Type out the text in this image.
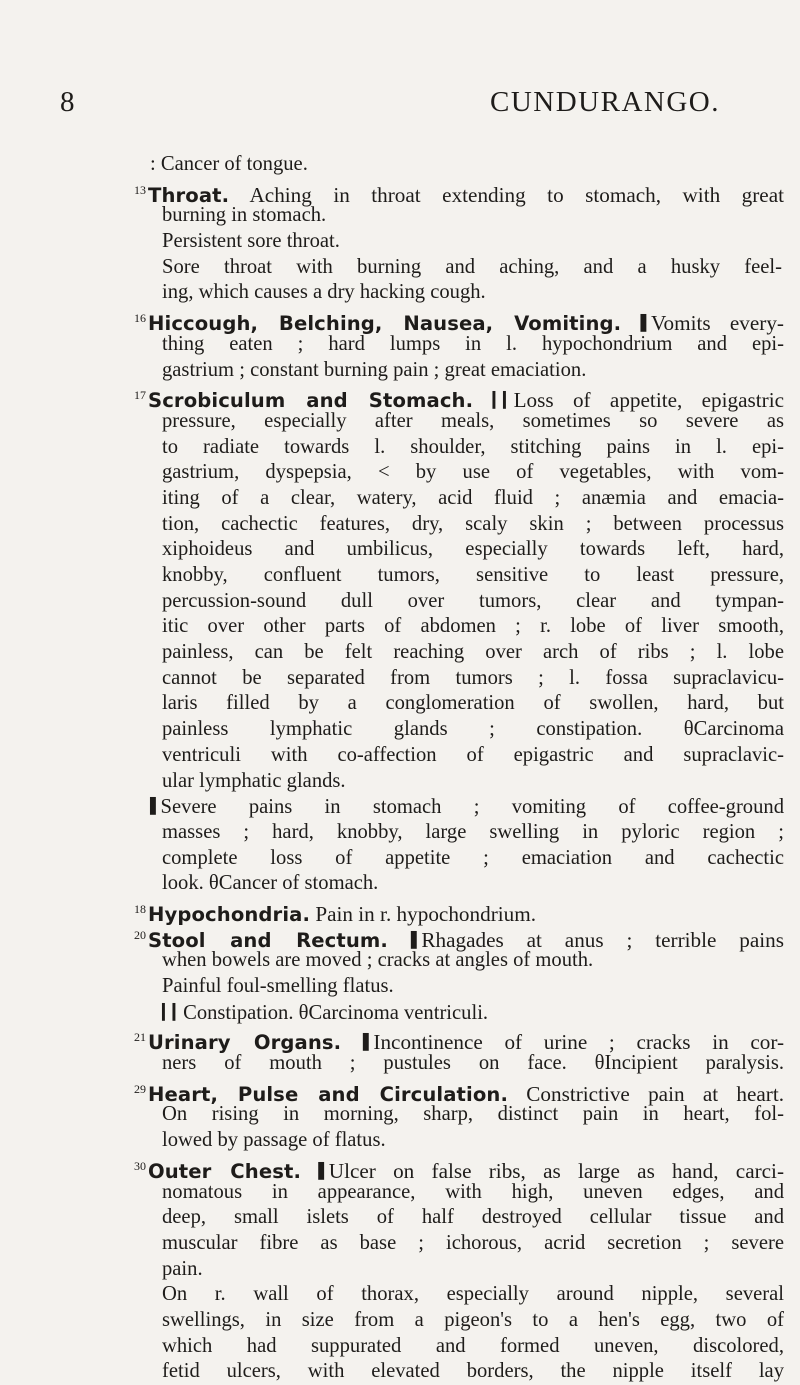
8	CUNDURANGO.
: Cancer of tongue.
$^{13}$ Throat. Aching in throat extending to stomach, with great
burning in stomach.
Persistent sore throat.
Sore throat with burning and aching, and a husky feel-
ing, which causes a dry hacking cough.
$^{16}$ Hiccough, Belching, Nausea, Vomiting. ▌Vomits every-
thing eaten ; hard lumps in l. hypochondrium and epi-
gastrium ; constant burning pain ; great emaciation.
$^{17}$ Scrobiculum and Stomach. ▎▎Loss of appetite, epigastric
pressure, especially after meals, sometimes so severe as
to radiate towards l. shoulder, stitching pains in l. epi-
gastrium, dyspepsia, < by use of vegetables, with vom-
iting of a clear, watery, acid fluid ; anæmia and emacia-
tion, cachectic features, dry, scaly skin ; between processus
xiphoideus and umbilicus, especially towards left, hard,
knobby, confluent tumors, sensitive to least pressure,
percussion-sound dull over tumors, clear and tympan-
itic over other parts of abdomen ; r. lobe of liver smooth,
painless, can be felt reaching over arch of ribs ; l. lobe
cannot be separated from tumors ; l. fossa supraclavicu-
laris filled by a conglomeration of swollen, hard, but
painless lymphatic glands ; constipation. θCarcinoma
ventriculi with co-affection of epigastric and supraclavic-
ular lymphatic glands.
▌Severe pains in stomach ; vomiting of coffee-ground
masses ; hard, knobby, large swelling in pyloric region ;
complete loss of appetite ; emaciation and cachectic
look. θCancer of stomach.
$^{18}$ Hypochondria. Pain in r. hypochondrium.
$^{20}$ Stool and Rectum. ▌Rhagades at anus ; terrible pains
when bowels are moved ; cracks at angles of mouth.
Painful foul-smelling flatus.
▎▎Constipation. θCarcinoma ventriculi.
$^{21}$ Urinary Organs. ▌Incontinence of urine ; cracks in cor-
ners of mouth ; pustules on face. θIncipient paralysis.
$^{29}$ Heart, Pulse and Circulation. Constrictive pain at heart.
On rising in morning, sharp, distinct pain in heart, fol-
lowed by passage of flatus.
$^{30}$ Outer Chest. ▌Ulcer on false ribs, as large as hand, carci-
nomatous in appearance, with high, uneven edges, and
deep, small islets of half destroyed cellular tissue and
muscular fibre as base ; ichorous, acrid secretion ; severe
pain.
On r. wall of thorax, especially around nipple, several
swellings, in size from a pigeon's to a hen's egg, two of
which had suppurated and formed uneven, discolored,
fetid ulcers, with elevated borders, the nipple itself lay
